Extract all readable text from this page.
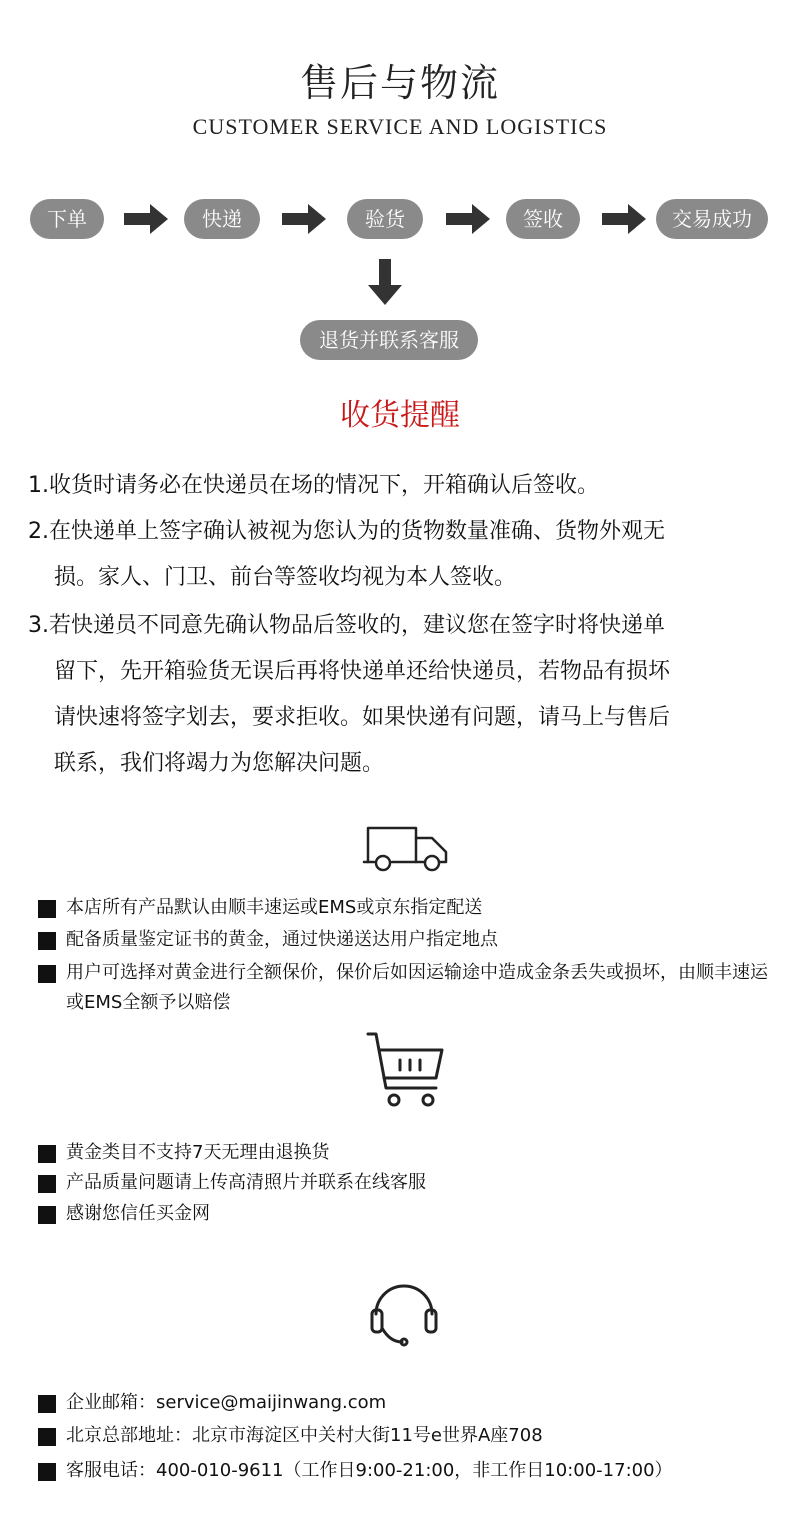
售后与物流
CUSTOMER SERVICE AND LOGISTICS
下单	快递	验货	签收	交易成功
退货并联系客服
收货提醒
1.收货时请务必在快递员在场的情况下，开箱确认后签收。
2.在快递单上签字确认被视为您认为的货物数量准确、货物外观无
损。家人、门卫、前台等签收均视为本人签收。
3.若快递员不同意先确认物品后签收的，建议您在签字时将快递单
留下，先开箱验货无误后再将快递单还给快递员，若物品有损坏
请快速将签字划去，要求拒收。如果快递有问题，请马上与售后
联系，我们将竭力为您解决问题。
本店所有产品默认由顺丰速运或EMS或京东指定配送
配备质量鉴定证书的黄金，通过快递送达用户指定地点
用户可选择对黄金进行全额保价，保价后如因运输途中造成金条丢失或损坏，由顺丰速运或EMS全额予以赔偿
黄金类目不支持7天无理由退换货
产品质量问题请上传高清照片并联系在线客服
感谢您信任买金网
企业邮箱：service@maijinwang.com
北京总部地址：北京市海淀区中关村大街11号e世界A座708
客服电话：400-010-9611（工作日9:00-21:00，非工作日10:00-17:00）
